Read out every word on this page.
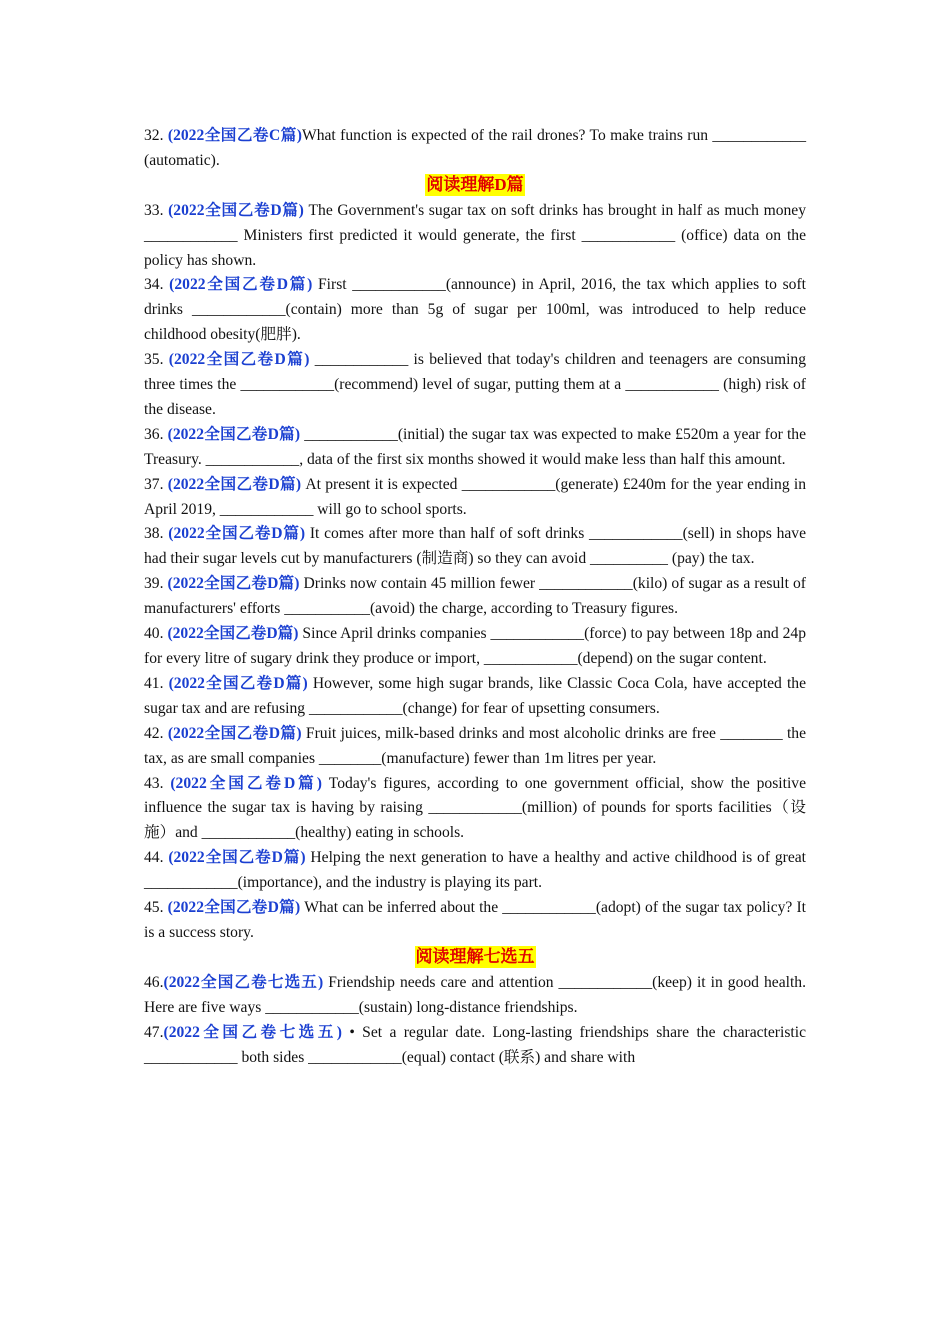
32. (2022全国乙卷C篇)What function is expected of the rail drones? To make trains run ____________ (automatic).

阅读理解D篇

33. (2022全国乙卷D篇) The Government's sugar tax on soft drinks has brought in half as much money ____________ Ministers first predicted it would generate, the first ____________ (office) data on the policy has shown.

34. (2022全国乙卷D篇) First ____________(announce) in April, 2016, the tax which applies to soft drinks ____________(contain) more than 5g of sugar per 100ml, was introduced to help reduce childhood obesity(肥胖).

35. (2022全国乙卷D篇) ____________ is believed that today's children and teenagers are consuming three times the ____________(recommend) level of sugar, putting them at a ____________ (high) risk of the disease.

36. (2022全国乙卷D篇) ____________(initial) the sugar tax was expected to make £520m a year for the Treasury. ____________, data of the first six months showed it would make less than half this amount.

37. (2022全国乙卷D篇) At present it is expected ____________(generate) £240m for the year ending in April 2019, ____________ will go to school sports.

38. (2022全国乙卷D篇) It comes after more than half of soft drinks ____________(sell) in shops have had their sugar levels cut by manufacturers (制造商) so they can avoid __________ (pay) the tax.

39. (2022全国乙卷D篇) Drinks now contain 45 million fewer ____________(kilo) of sugar as a result of manufacturers' efforts ___________(avoid) the charge, according to Treasury figures.

40. (2022全国乙卷D篇) Since April drinks companies ____________(force) to pay between 18p and 24p for every litre of sugary drink they produce or import, ____________(depend) on the sugar content.

41. (2022全国乙卷D篇) However, some high sugar brands, like Classic Coca Cola, have accepted the sugar tax and are refusing ____________(change) for fear of upsetting consumers.

42. (2022全国乙卷D篇) Fruit juices, milk-based drinks and most alcoholic drinks are free ________ the tax, as are small companies ________(manufacture) fewer than 1m litres per year.

43. (2022全国乙卷D篇) Today's figures, according to one government official, show the positive influence the sugar tax is having by raising ____________(million) of pounds for sports facilities（设施）and ____________(healthy) eating in schools.

44. (2022全国乙卷D篇) Helping the next generation to have a healthy and active childhood is of great ____________(importance), and the industry is playing its part.

45. (2022全国乙卷D篇) What can be inferred about the ____________(adopt) of the sugar tax policy? It is a success story.

阅读理解七选五

46.(2022全国乙卷七选五) Friendship needs care and attention ____________(keep) it in good health. Here are five ways ____________(sustain) long-distance friendships.

47.(2022全国乙卷七选五) • Set a regular date. Long-lasting friendships share the characteristic ____________ both sides ____________(equal) contact (联系) and share with
